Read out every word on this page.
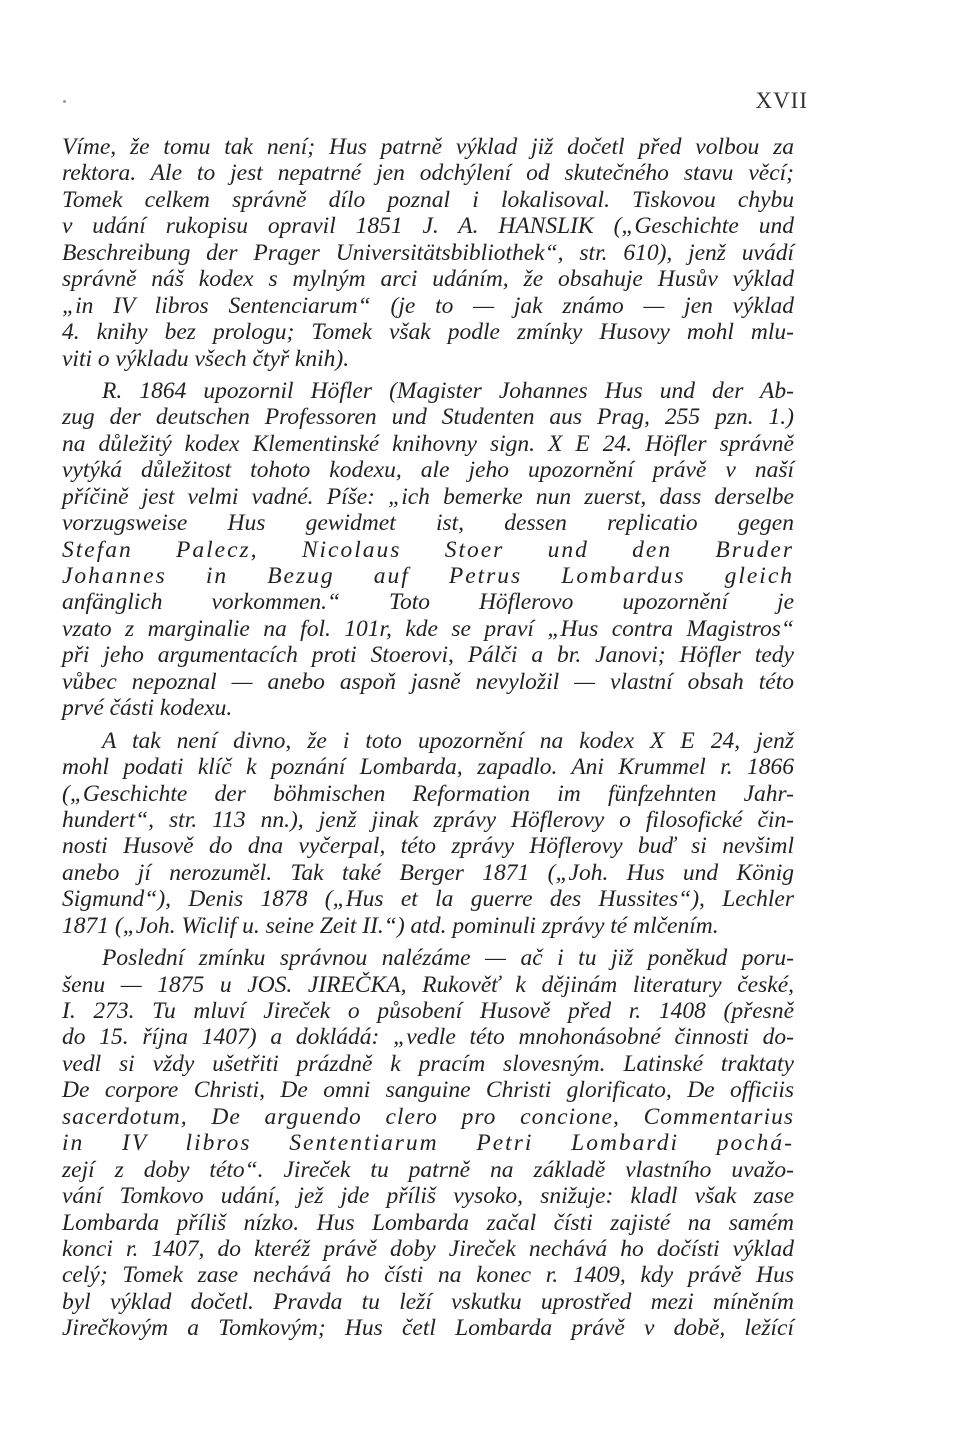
XVII
Víme, že tomu tak není; Hus patrně výklad již dočetl před volbou za
rektora. Ale to jest nepatrné jen odchýlení od skutečného stavu věcí;
Tomek celkem správně dílo poznal i lokalisoval. Tiskovou chybu
v udání rukopisu opravil 1851 J. A. HANSLIK („Geschichte und
Beschreibung der Prager Universitätsbibliothek“, str. 610), jenž uvádí
správně náš kodex s mylným arci udáním, že obsahuje Husův výklad
„in IV libros Sentenciarum“ (je to — jak známo — jen výklad
4. knihy bez prologu; Tomek však podle zmínky Husovy mohl mlu-
viti o výkladu všech čtyř knih).
R. 1864 upozornil Höfler (Magister Johannes Hus und der Ab-
zug der deutschen Professoren und Studenten aus Prag, 255 pzn. 1.)
na důležitý kodex Klementinské knihovny sign. X E 24. Höfler správně
vytýká důležitost tohoto kodexu, ale jeho upozornění právě v naší
příčině jest velmi vadné. Píše: „ich bemerke nun zuerst, dass derselbe
vorzugsweise Hus gewidmet ist, dessen replicatio gegen
Stefan Palecz, Nicolaus Stoer und den Bruder
Johannes in Bezug auf Petrus Lombardus gleich
anfänglich vorkommen.“ Toto Höflerovo upozornění je
vzato z marginalie na fol. 101r, kde se praví „Hus contra Magistros“
při jeho argumentacích proti Stoerovi, Pálči a br. Janovi; Höfler tedy
vůbec nepoznal — anebo aspoň jasně nevyložil — vlastní obsah této
prvé části kodexu.
A tak není divno, že i toto upozornění na kodex X E 24, jenž
mohl podati klíč k poznání Lombarda, zapadlo. Ani Krummel r. 1866
(„Geschichte der böhmischen Reformation im fünfzehnten Jahr-
hundert“, str. 113 nn.), jenž jinak zprávy Höflerovy o filosofické čin-
nosti Husově do dna vyčerpal, této zprávy Höflerovy buď si nevšiml
anebo jí nerozuměl. Tak také Berger 1871 („Joh. Hus und König
Sigmund“), Denis 1878 („Hus et la guerre des Hussites“), Lechler
1871 („Joh. Wiclif u. seine Zeit II.“) atd. pominuli zprávy té mlčením.
Poslední zmínku správnou nalézáme — ač i tu již poněkud poru-
šenu — 1875 u JOS. JIREČKA, Rukověť k dějinám literatury české,
I. 273. Tu mluví Jireček o působení Husově před r. 1408 (přesně
do 15. října 1407) a dokládá: „vedle této mnohonásobné činnosti do-
vedl si vždy ušetřiti prázdně k pracím slovesným. Latinské traktaty
De corpore Christi, De omni sanguine Christi glorificato, De officiis
sacerdotum, De arguendo clero pro concione, Commentarius
in IV libros Sententiarum Petri Lombardi pochá-
zejí z doby této“. Jireček tu patrně na základě vlastního uvažo-
vání Tomkovo udání, jež jde příliš vysoko, snižuje: kladl však zase
Lombarda příliš nízko. Hus Lombarda začal čísti zajisté na samém
konci r. 1407, do kteréž právě doby Jireček nechává ho dočísti výklad
celý; Tomek zase nechává ho čísti na konec r. 1409, kdy právě Hus
byl výklad dočetl. Pravda tu leží vskutku uprostřed mezi míněním
Jirečkovým a Tomkovým; Hus četl Lombarda právě v době, ležící
